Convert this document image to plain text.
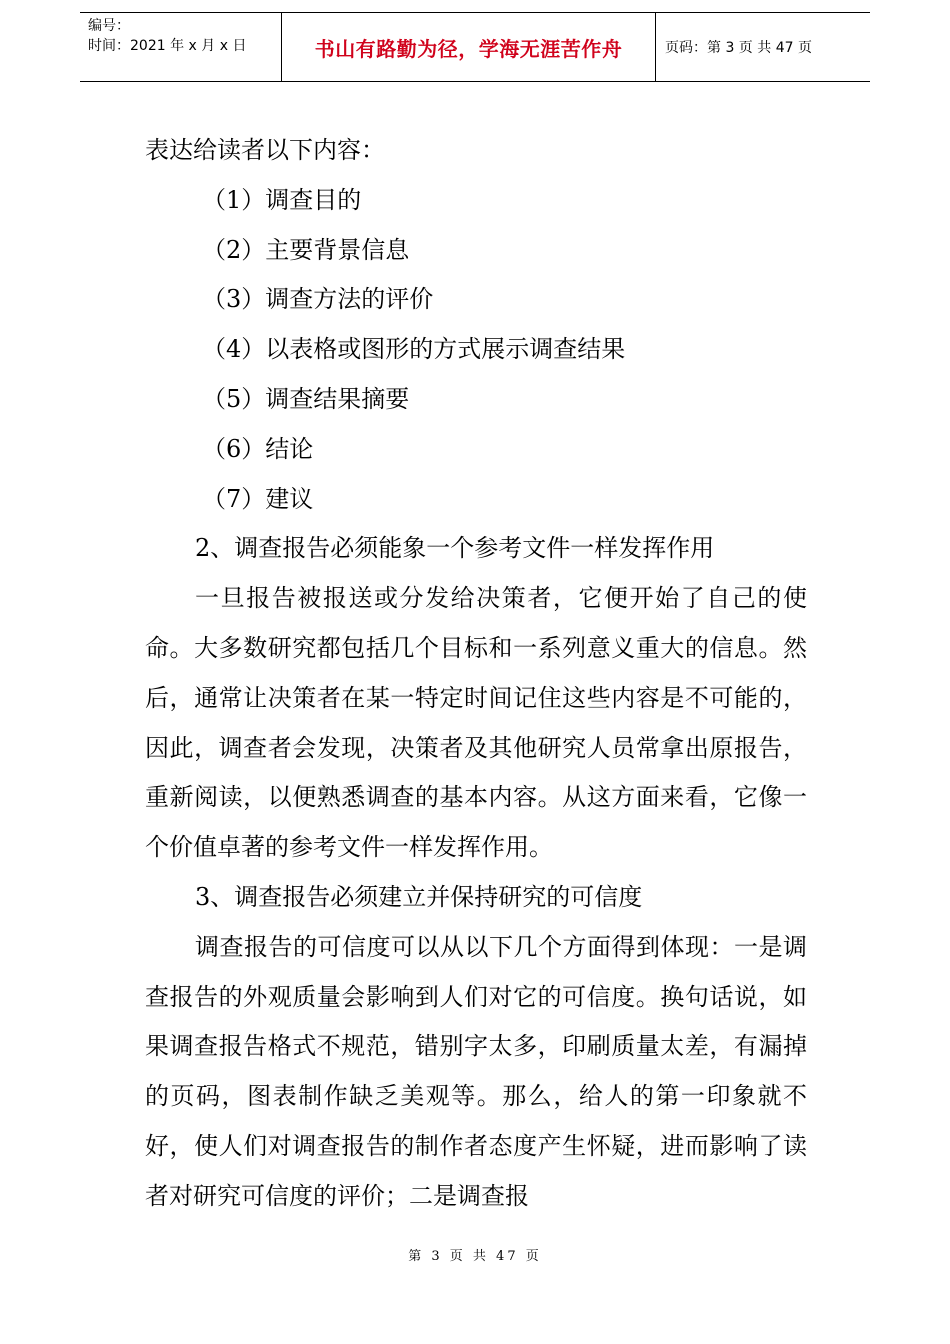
编号：
时间：2021 年 x 月 x 日	书山有路勤为径，学海无涯苦作舟	页码：第 3 页 共 47 页

表达给读者以下内容：

（1）调查目的

（2）主要背景信息

（3）调查方法的评价

（4）以表格或图形的方式展示调查结果

（5）调查结果摘要

（6）结论

（7）建议

2、调查报告必须能象一个参考文件一样发挥作用

一旦报告被报送或分发给决策者，它便开始了自己的使命。大多数研究都包括几个目标和一系列意义重大的信息。然后，通常让决策者在某一特定时间记住这些内容是不可能的，因此，调查者会发现，决策者及其他研究人员常拿出原报告，重新阅读，以便熟悉调查的基本内容。从这方面来看，它像一个价值卓著的参考文件一样发挥作用。

3、调查报告必须建立并保持研究的可信度

调查报告的可信度可以从以下几个方面得到体现：一是调查报告的外观质量会影响到人们对它的可信度。换句话说，如果调查报告格式不规范，错别字太多，印刷质量太差，有漏掉的页码，图表制作缺乏美观等。那么，给人的第一印象就不好，使人们对调查报告的制作者态度产生怀疑，进而影响了读者对研究可信度的评价；二是调查报

第 3 页 共 47 页
